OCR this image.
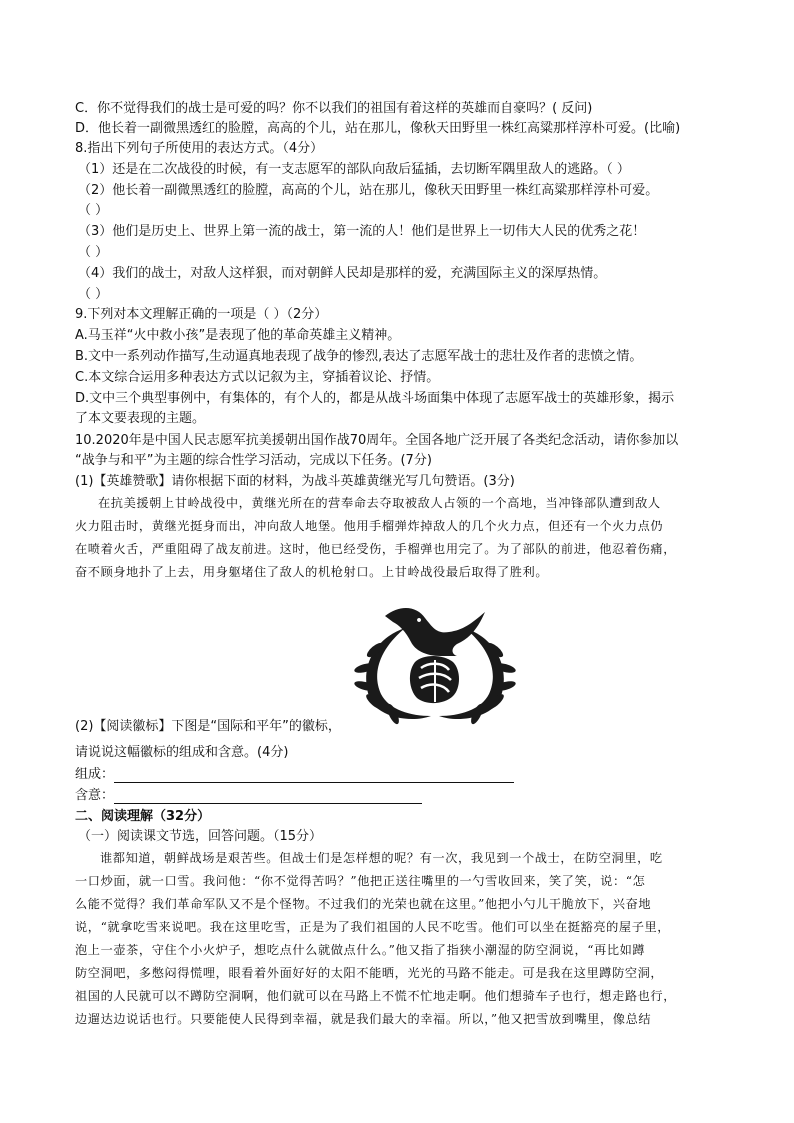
C．你不觉得我们的战士是可爱的吗？你不以我们的祖国有着这样的英雄而自豪吗？( 反问)
D．他长着一副微黑透红的脸膛，高高的个儿，站在那儿，像秋天田野里一株红高粱那样淳朴可爱。(比喻)
8.指出下列句子所使用的表达方式。（4分）
（1）还是在二次战役的时候，有一支志愿军的部队向敌后猛插，去切断军隅里敌人的逃路。（ ）
（2）他长着一副微黑透红的脸膛，高高的个儿，站在那儿，像秋天田野里一株红高粱那样淳朴可爱。
（ ）
（3）他们是历史上、世界上第一流的战士，第一流的人！他们是世界上一切伟大人民的优秀之花！
（ ）
（4）我们的战士，对敌人这样狠，而对朝鲜人民却是那样的爱，充满国际主义的深厚热情。
（ ）
9.下列对本文理解正确的一项是（ ）（2分）
A.马玉祥“火中救小孩”是表现了他的革命英雄主义精神。
B.文中一系列动作描写,生动逼真地表现了战争的惨烈,表达了志愿军战士的悲壮及作者的悲愤之情。
C.本文综合运用多种表达方式以记叙为主，穿插着议论、抒情。
D.文中三个典型事例中，有集体的，有个人的，都是从战斗场面集中体现了志愿军战士的英雄形象，揭示
了本文要表现的主题。
10.2020年是中国人民志愿军抗美援朝出国作战70周年。全国各地广泛开展了各类纪念活动，请你参加以
“战争与和平”为主题的综合性学习活动，完成以下任务。(7分)
(1)【英雄赞歌】请你根据下面的材料，为战斗英雄黄继光写几句赞语。(3分)
在抗美援朝上甘岭战役中，黄继光所在的营奉命去夺取被敌人占领的一个高地，当冲锋部队遭到敌人
火力阻击时，黄继光挺身而出，冲向敌人地堡。他用手榴弹炸掉敌人的几个火力点，但还有一个火力点仍
在喷着火舌，严重阻碍了战友前进。这时，他已经受伤，手榴弹也用完了。为了部队的前进，他忍着伤痛，
奋不顾身地扑了上去，用身躯堵住了敌人的机枪射口。上甘岭战役最后取得了胜利。
(2)【阅读徽标】下图是“国际和平年”的徽标，
请说说这幅徽标的组成和含意。(4分)
组成：
含意：
二、阅读理解（32分）
（一）阅读课文节选，回答问题。（15分）
谁都知道，朝鲜战场是艰苦些。但战士们是怎样想的呢？有一次，我见到一个战士，在防空洞里，吃
一口炒面，就一口雪。我问他：“你不觉得苦吗？”他把正送往嘴里的一勺雪收回来，笑了笑，说：“怎
么能不觉得？我们革命军队又不是个怪物。不过我们的光荣也就在这里。”他把小勺儿干脆放下，兴奋地
说，“就拿吃雪来说吧。我在这里吃雪，正是为了我们祖国的人民不吃雪。他们可以坐在挺豁亮的屋子里，
泡上一壶茶，守住个小火炉子，想吃点什么就做点什么。”他又指了指狭小潮湿的防空洞说，“再比如蹲
防空洞吧，多憋闷得慌哩，眼看着外面好好的太阳不能晒，光光的马路不能走。可是我在这里蹲防空洞，
祖国的人民就可以不蹲防空洞啊，他们就可以在马路上不慌不忙地走啊。他们想骑车子也行，想走路也行，
边遛达边说话也行。只要能使人民得到幸福，就是我们最大的幸福。所以，”他又把雪放到嘴里，像总结
